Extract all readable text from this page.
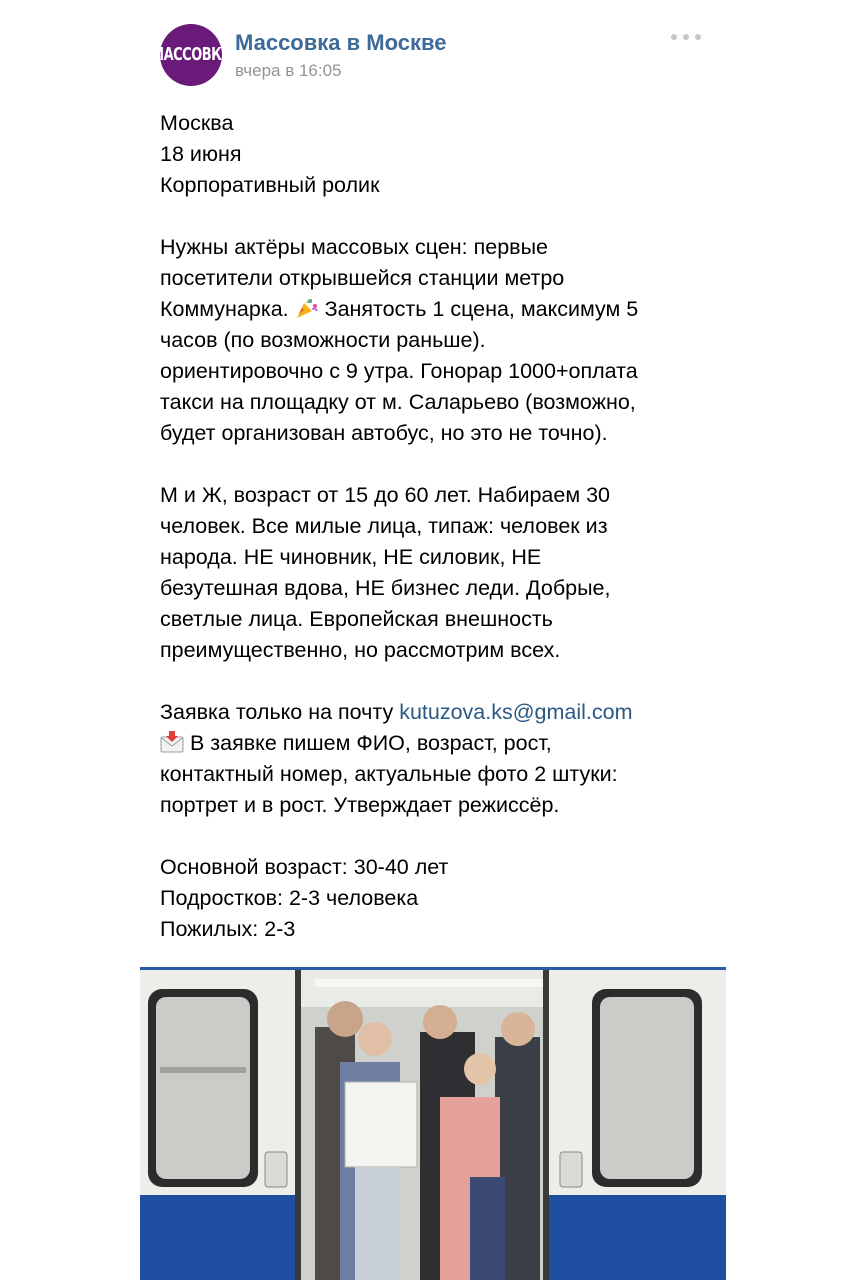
МАССОВКА Массовка в Москве
вчера в 16:05

Москва

18 июня

Корпоративный ролик

Нужны актёры массовых сцен: первые

посетители открывшейся станции метро

Коммунарка.  Занятость 1 сцена, максимум 5

часов (по возможности раньше).

ориентировочно с 9 утра. Гонорар 1000+оплата

такси на площадку от м. Саларьево (возможно,

будет организован автобус, но это не точно).

М и Ж, возраст от 15 до 60 лет. Набираем 30

человек. Все милые лица, типаж: человек из

народа. НЕ чиновник, НЕ силовик, НЕ

безутешная вдова, НЕ бизнес леди. Добрые,

светлые лица. Европейская внешность

преимущественно, но рассмотрим всех.

Заявка только на почту kutuzova.ks@gmail.com

В заявке пишем ФИО, возраст, рост,

контактный номер, актуальные фото 2 штуки:

портрет и в рост. Утверждает режиссёр.

Основной возраст: 30-40 лет

Подростков: 2-3 человека

Пожилых: 2-3
